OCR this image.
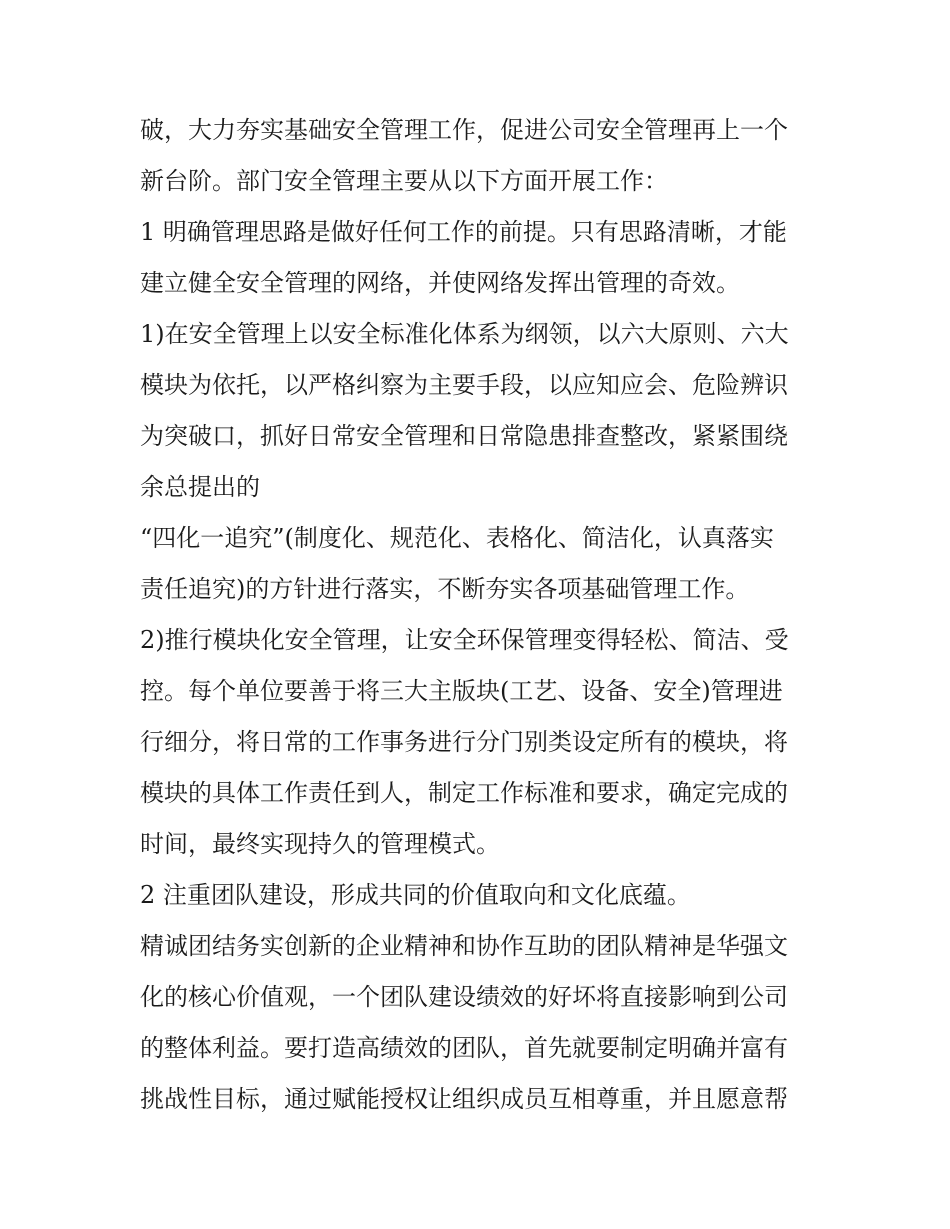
破，大力夯实基础安全管理工作，促进公司安全管理再上一个
新台阶。部门安全管理主要从以下方面开展工作：
1 明确管理思路是做好任何工作的前提。只有思路清晰，才能
建立健全安全管理的网络，并使网络发挥出管理的奇效。
1)在安全管理上以安全标准化体系为纲领，以六大原则、六大
模块为依托，以严格纠察为主要手段，以应知应会、危险辨识
为突破口，抓好日常安全管理和日常隐患排查整改，紧紧围绕
余总提出的
“四化一追究”(制度化、规范化、表格化、简洁化，认真落实
责任追究)的方针进行落实，不断夯实各项基础管理工作。
2)推行模块化安全管理，让安全环保管理变得轻松、简洁、受
控。每个单位要善于将三大主版块(工艺、设备、安全)管理进
行细分，将日常的工作事务进行分门别类设定所有的模块，将
模块的具体工作责任到人，制定工作标准和要求，确定完成的
时间，最终实现持久的管理模式。
2 注重团队建设，形成共同的价值取向和文化底蕴。
精诚团结务实创新的企业精神和协作互助的团队精神是华强文
化的核心价值观，一个团队建设绩效的好坏将直接影响到公司
的整体利益。要打造高绩效的团队，首先就要制定明确并富有
挑战性目标，通过赋能授权让组织成员互相尊重，并且愿意帮
